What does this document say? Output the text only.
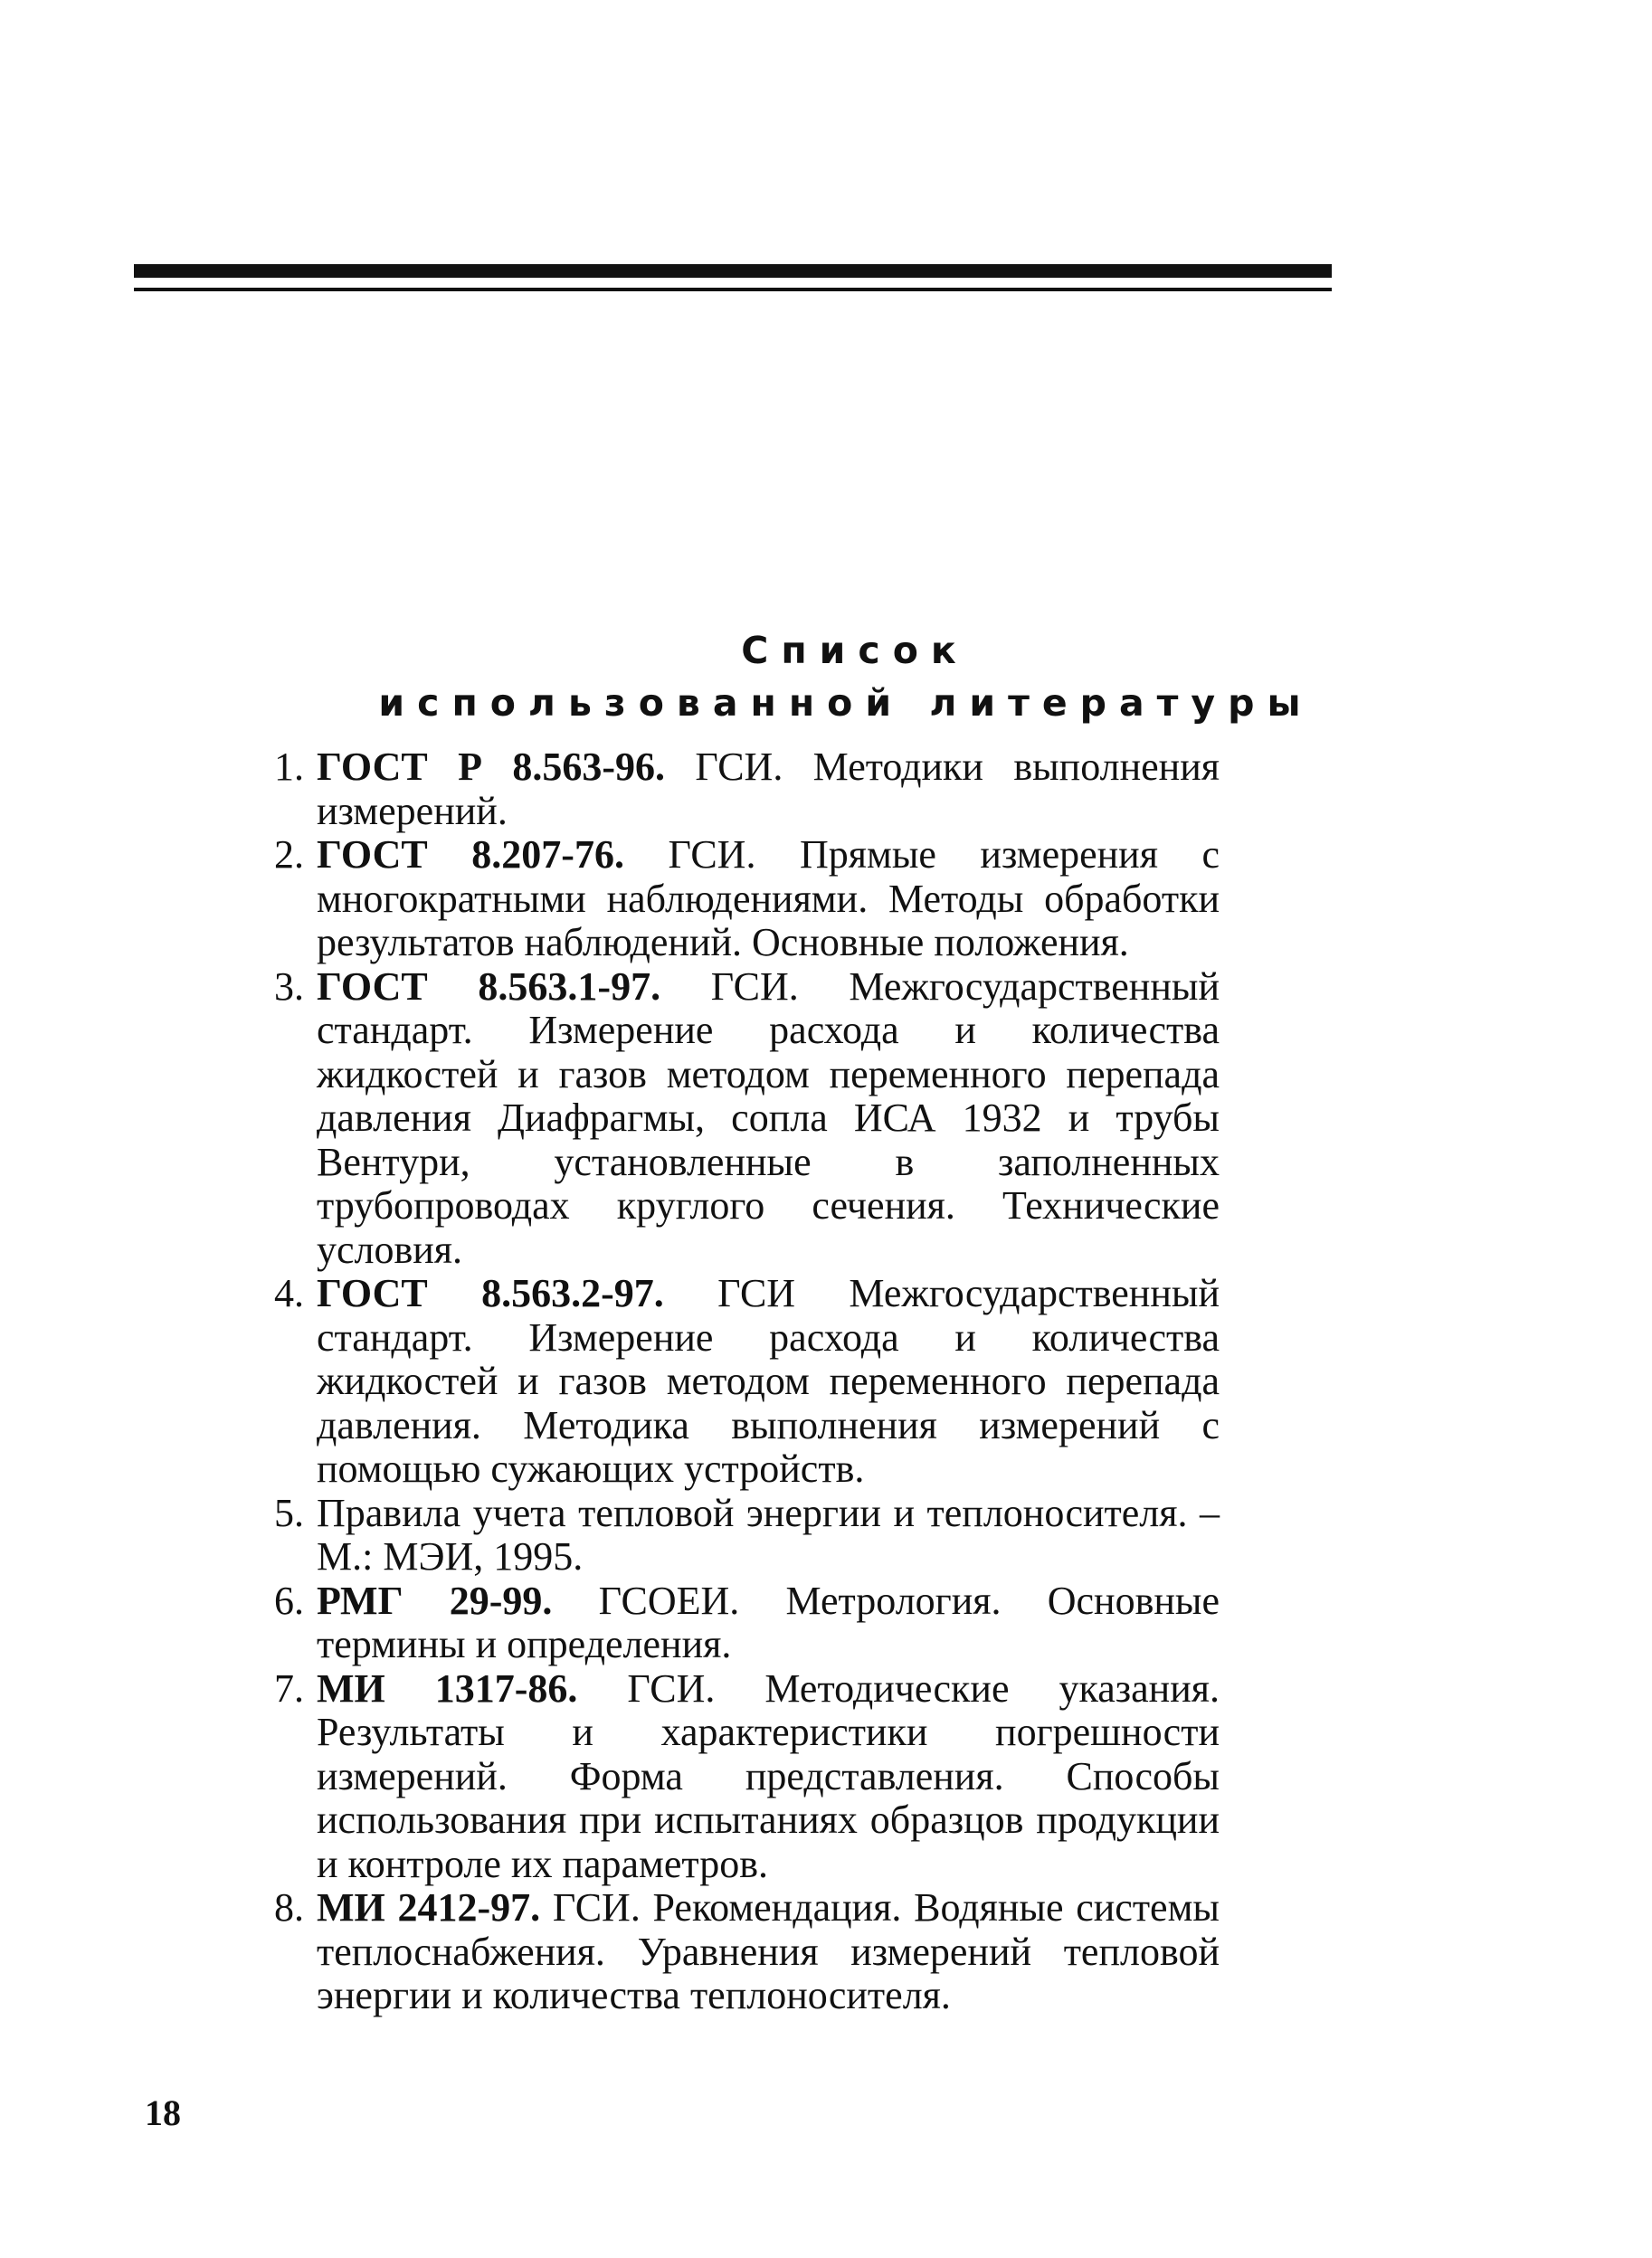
Список
использованной литературы
1. ГОСТ Р 8.563-96. ГСИ. Методики выполнения измерений.
2. ГОСТ 8.207-76. ГСИ. Прямые измерения с многократными наблюдениями. Методы обработки результатов наблюдений. Основные положения.
3. ГОСТ 8.563.1-97. ГСИ. Межгосударственный стандарт. Измерение расхода и количества жидкостей и газов методом переменного перепада давления Диафрагмы, сопла ИСА 1932 и трубы Вентури, установленные в заполненных трубопроводах круглого сечения. Технические условия.
4. ГОСТ 8.563.2-97. ГСИ Межгосударственный стандарт. Измерение расхода и количества жидкостей и газов методом переменного перепада давления. Методика выполнения измерений с помощью сужающих устройств.
5. Правила учета тепловой энергии и теплоносителя. – М.: МЭИ, 1995.
6. РМГ 29-99. ГСОЕИ. Метрология. Основные термины и определения.
7. МИ 1317-86. ГСИ. Методические указания. Результаты и характеристики погрешности измерений. Форма представления. Способы использования при испытаниях образцов продукции и контроле их параметров.
8. МИ 2412-97. ГСИ. Рекомендация. Водяные системы теплоснабжения. Уравнения измерений тепловой энергии и количества теплоносителя.
18
